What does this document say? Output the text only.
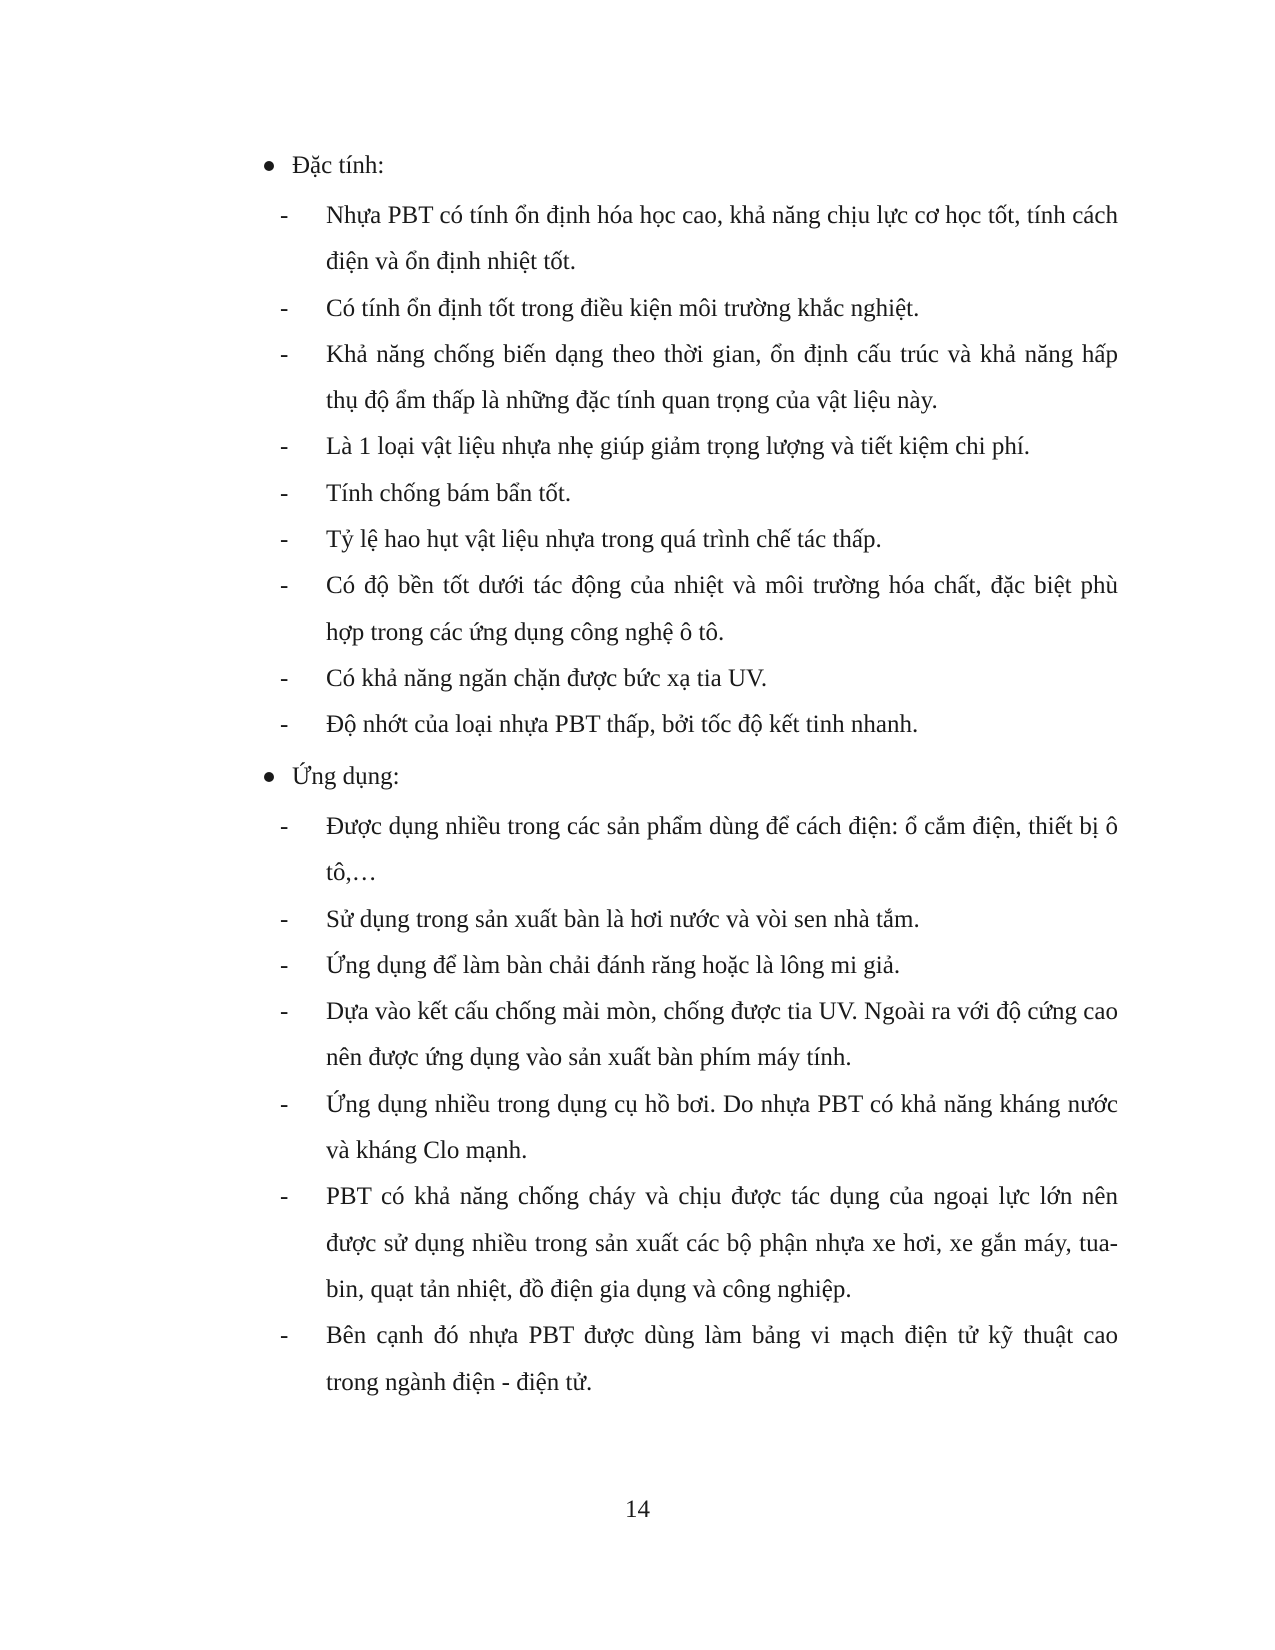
Đặc tính:
- Nhựa PBT có tính ổn định hóa học cao, khả năng chịu lực cơ học tốt, tính cách điện và ổn định nhiệt tốt.
- Có tính ổn định tốt trong điều kiện môi trường khắc nghiệt.
- Khả năng chống biến dạng theo thời gian, ổn định cấu trúc và khả năng hấp thụ độ ẩm thấp là những đặc tính quan trọng của vật liệu này.
- Là 1 loại vật liệu nhựa nhẹ giúp giảm trọng lượng và tiết kiệm chi phí.
- Tính chống bám bẩn tốt.
- Tỷ lệ hao hụt vật liệu nhựa trong quá trình chế tác thấp.
- Có độ bền tốt dưới tác động của nhiệt và môi trường hóa chất, đặc biệt phù hợp trong các ứng dụng công nghệ ô tô.
- Có khả năng ngăn chặn được bức xạ tia UV.
- Độ nhớt của loại nhựa PBT thấp, bởi tốc độ kết tinh nhanh.
Ứng dụng:
- Được dụng nhiều trong các sản phẩm dùng để cách điện: ổ cắm điện, thiết bị ô tô,…
- Sử dụng trong sản xuất bàn là hơi nước và vòi sen nhà tắm.
- Ứng dụng để làm bàn chải đánh răng hoặc là lông mi giả.
- Dựa vào kết cấu chống mài mòn, chống được tia UV. Ngoài ra với độ cứng cao nên được ứng dụng vào sản xuất bàn phím máy tính.
- Ứng dụng nhiều trong dụng cụ hồ bơi. Do nhựa PBT có khả năng kháng nước và kháng Clo mạnh.
- PBT có khả năng chống cháy và chịu được tác dụng của ngoại lực lớn nên được sử dụng nhiều trong sản xuất các bộ phận nhựa xe hơi, xe gắn máy, tua-bin, quạt tản nhiệt, đồ điện gia dụng và công nghiệp.
- Bên cạnh đó nhựa PBT được dùng làm bảng vi mạch điện tử kỹ thuật cao trong ngành điện - điện tử.
14
